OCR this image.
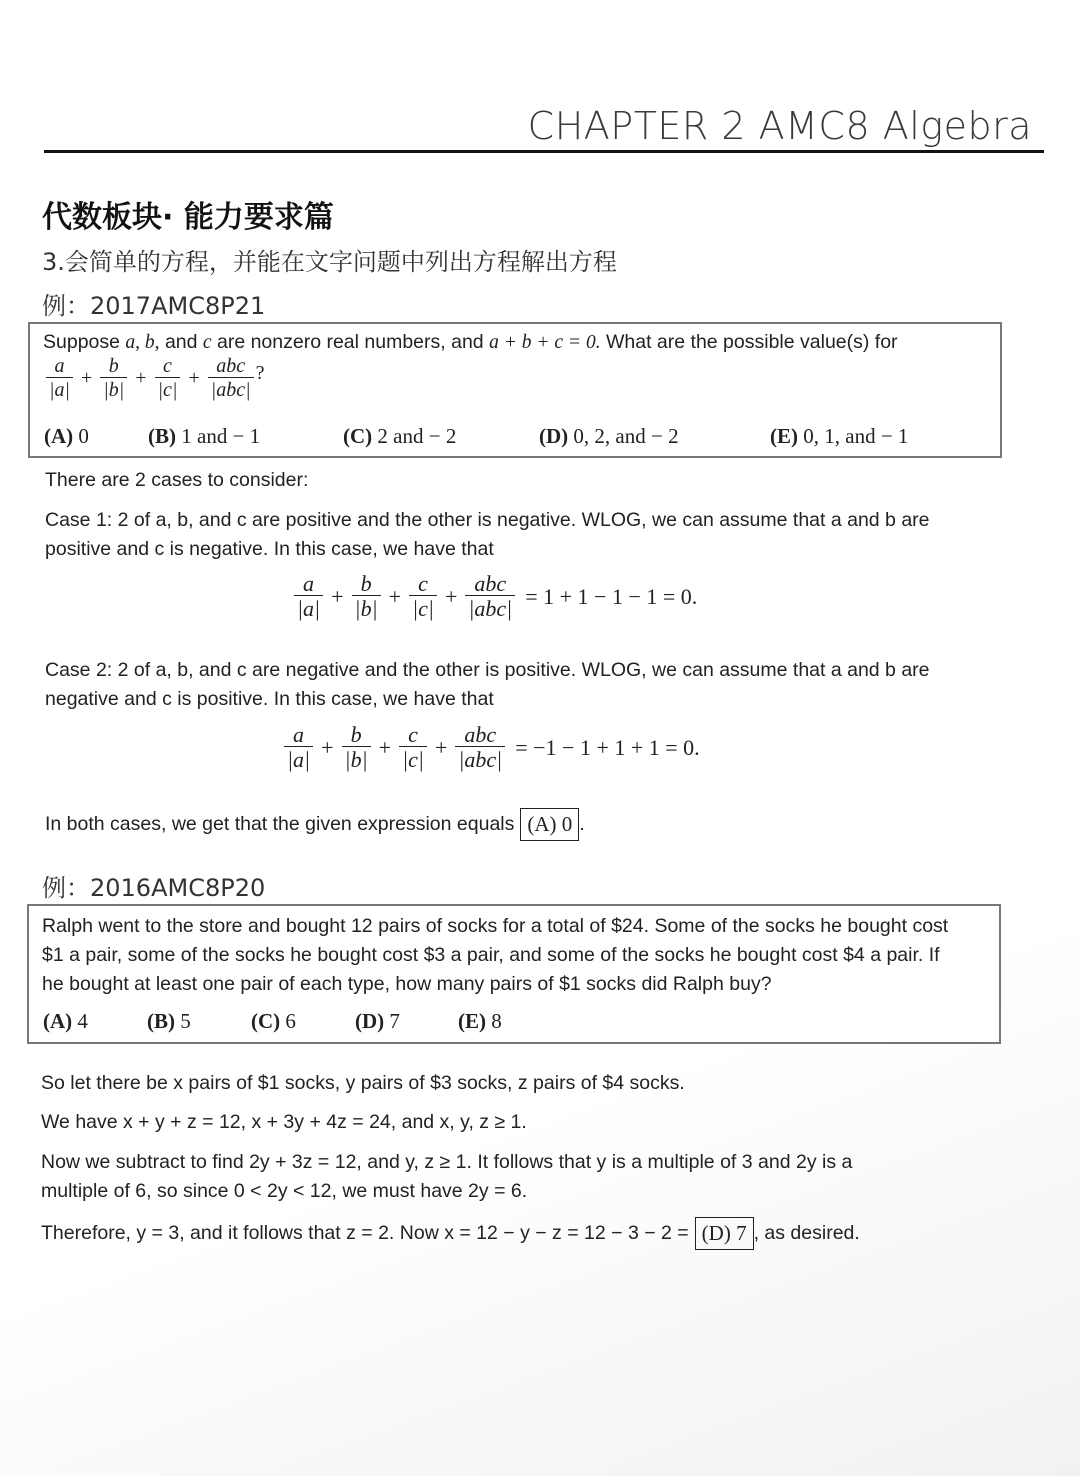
CHAPTER 2 AMC8 Algebra
代数板块· 能力要求篇
3.会简单的方程，并能在文字问题中列出方程解出方程
例：2017AMC8P21
Suppose a, b, and c are nonzero real numbers, and a + b + c = 0. What are the possible value(s) for
$\frac{a}{|a|} + \frac{b}{|b|} + \frac{c}{|c|} + \frac{\text{abc}}{\text{|abc|}}$ ?
(A) 0	(B) 1 and − 1	(C) 2 and − 2	(D) 0, 2, and − 2	(E) 0, 1, and − 1
There are 2 cases to consider:
Case 1: 2 of a, b, and c are positive and the other is negative. WLOG, we can assume that a and b are
positive and c is negative. In this case, we have that
$\frac{a}{|a|} + \frac{b}{|b|} + \frac{c}{|c|} + \frac{\text{abc}}{\text{|abc|}} = 1 + 1 - 1 - 1 = 0$.
Case 2: 2 of a, b, and c are negative and the other is positive. WLOG, we can assume that a and b are
negative and c is positive. In this case, we have that
$\frac{a}{|a|} + \frac{b}{|b|} + \frac{c}{|c|} + \frac{\text{abc}}{\text{|abc|}} = -1 - 1 + 1 + 1 = 0$.
In both cases, we get that the given expression equals (A) 0 .
例：2016AMC8P20
Ralph went to the store and bought 12 pairs of socks for a total of $24. Some of the socks he bought cost
$1 a pair, some of the socks he bought cost $3 a pair, and some of the socks he bought cost $4 a pair. If
he bought at least one pair of each type, how many pairs of $1 socks did Ralph buy?
(A) 4	(B) 5	(C) 6	(D) 7	(E) 8
So let there be x pairs of $1 socks, y pairs of $3 socks, z pairs of $4 socks.
We have x + y + z = 12, x + 3y + 4z = 24, and x, y, z ≥ 1.
Now we subtract to find 2y + 3z = 12, and y, z ≥ 1. It follows that y is a multiple of 3 and 2y is a
multiple of 6, so since 0 < 2y < 12, we must have 2y = 6.
Therefore, y = 3, and it follows that z = 2. Now x = 12 − y − z = 12 − 3 − 2 = (D) 7 , as desired.
